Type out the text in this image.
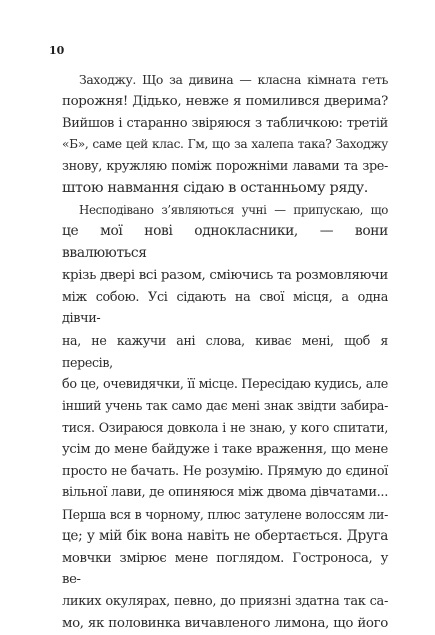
10
Заходжу. Що за дивина — класна кімната геть
порожня! Дідько, невже я помилився дверима?
Вийшов і старанно звіряюся з табличкою: третій
«Б», саме цей клас. Гм, що за халепа така? Заходжу
знову, кружляю поміж порожніми лавами та зре-
штою навмання сідаю в останньому ряду.
Несподівано з’являються учні — припускаю, що
це мої нові однокласники, — вони ввалюються
крізь двері всі разом, сміючись та розмовляючи
між собою. Усі сідають на свої місця, а одна дівчи-
на, не кажучи ані слова, киває мені, щоб я пересів,
бо це, очевидячки, її місце. Пересідаю кудись, але
інший учень так само дає мені знак звідти забира-
тися. Озираюся довкола і не знаю, у кого спитати,
усім до мене байдуже і таке враження, що мене
просто не бачать. Не розумію. Прямую до єдиної
вільної лави, де опиняюся між двома дівчатами...
Перша вся в чорному, плюс затулене волоссям ли-
це; у мій бік вона навіть не обертається. Друга
мовчки змірює мене поглядом. Гостроноса, у ве-
ликих окулярах, певно, до приязні здатна так са-
мо, як половинка вичавленого лимона, що його
